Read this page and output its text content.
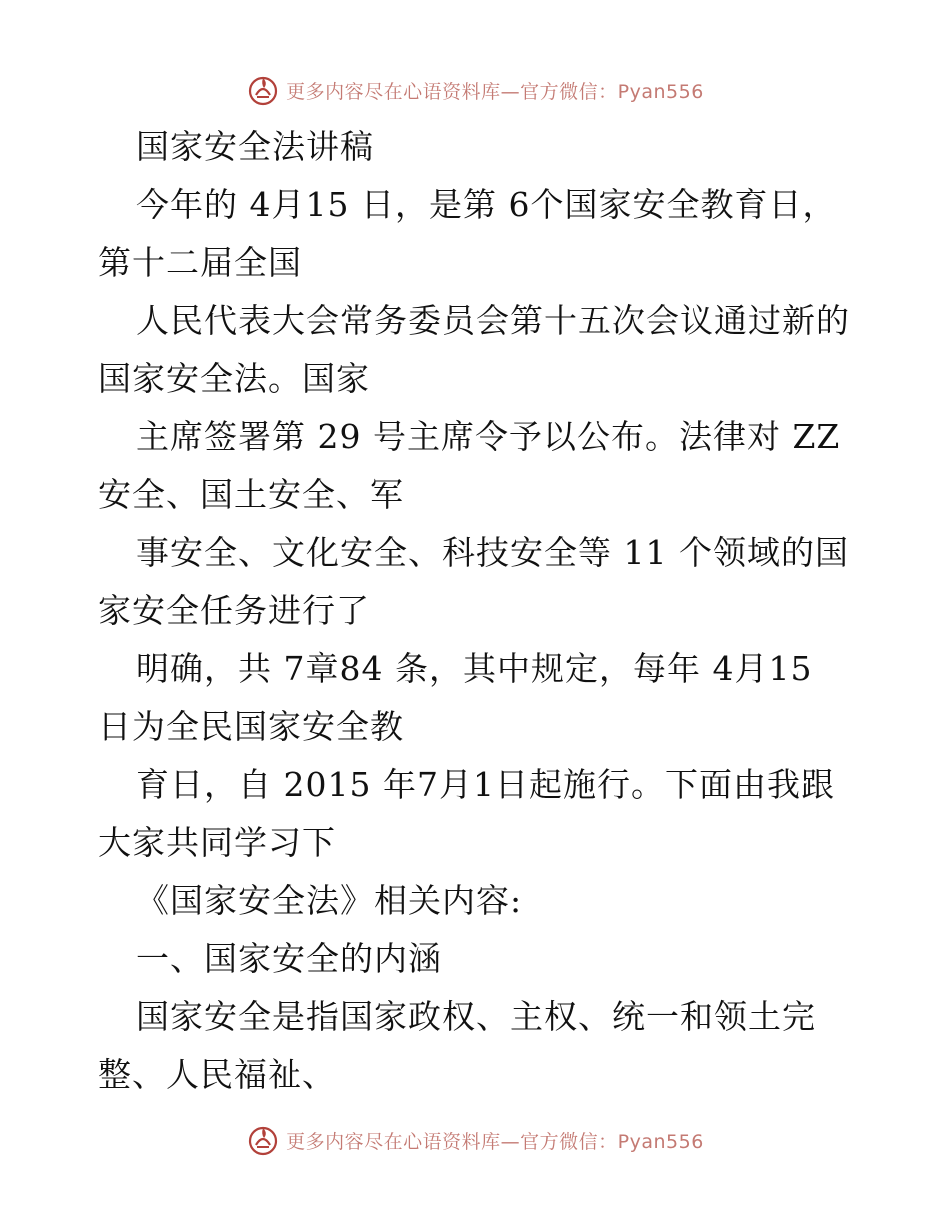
更多内容尽在心语资料库—官方微信：Pyan556
国家安全法讲稿
今年的 4月15 日，是第 6个国家安全教育日，
第十二届全国
人民代表大会常务委员会第十五次会议通过新的
国家安全法。国家
主席签署第 29 号主席令予以公布。法律对 ZZ
安全、国土安全、军
事安全、文化安全、科技安全等 11 个领域的国
家安全任务进行了
明确，共 7章84 条，其中规定，每年 4月15
日为全民国家安全教
育日，自 2015 年7月1日起施行。下面由我跟
大家共同学习下
《国家安全法》相关内容:
一、国家安全的内涵
国家安全是指国家政权、主权、统一和领土完
整、人民福祉、
更多内容尽在心语资料库—官方微信：Pyan556
